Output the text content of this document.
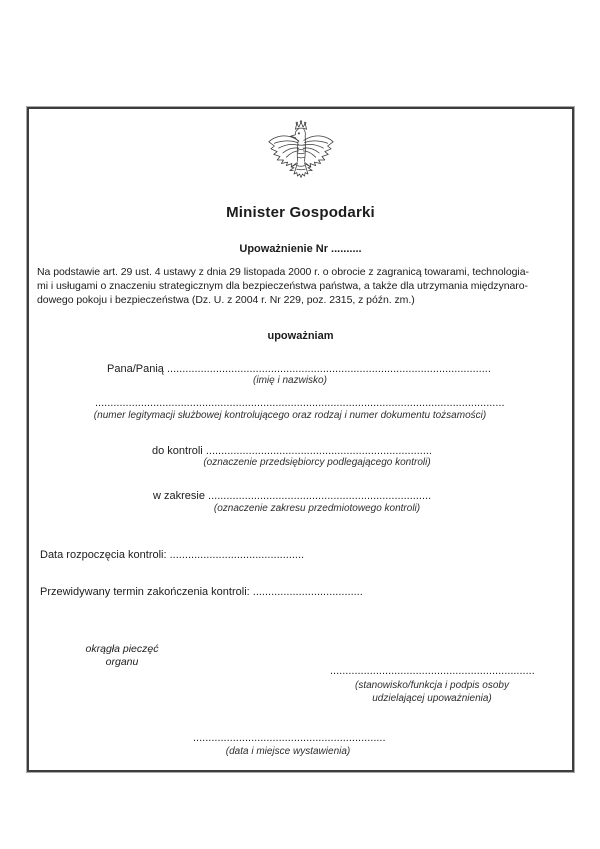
Minister Gospodarki
Upoważnienie Nr ..........
Na podstawie art. 29 ust. 4 ustawy z dnia 29 listopada 2000 r. o obrocie z zagranicą towarami, technologia-
mi i usługami o znaczeniu strategicznym dla bezpieczeństwa państwa, a także dla utrzymania międzynaro-
dowego pokoju i bezpieczeństwa (Dz. U. z 2004 r. Nr 229, poz. 2315, z późn. zm.)
upoważniam
Pana/Panią ..........................................................................................................
(imię i nazwisko)
......................................................................................................................................
(numer legitymacji służbowej kontrolującego oraz rodzaj i numer dokumentu tożsamości)
do kontroli ..........................................................................
(oznaczenie przedsiębiorcy podlegającego kontroli)
w zakresie .........................................................................
(oznaczenie zakresu przedmiotowego kontroli)
Data rozpoczęcia kontroli: ............................................
Przewidywany termin zakończenia kontroli: ....................................
okrągła pieczęć
organu
...................................................................
(stanowisko/funkcja i podpis osoby
udzielającej upoważnienia)
...............................................................
(data i miejsce wystawienia)
